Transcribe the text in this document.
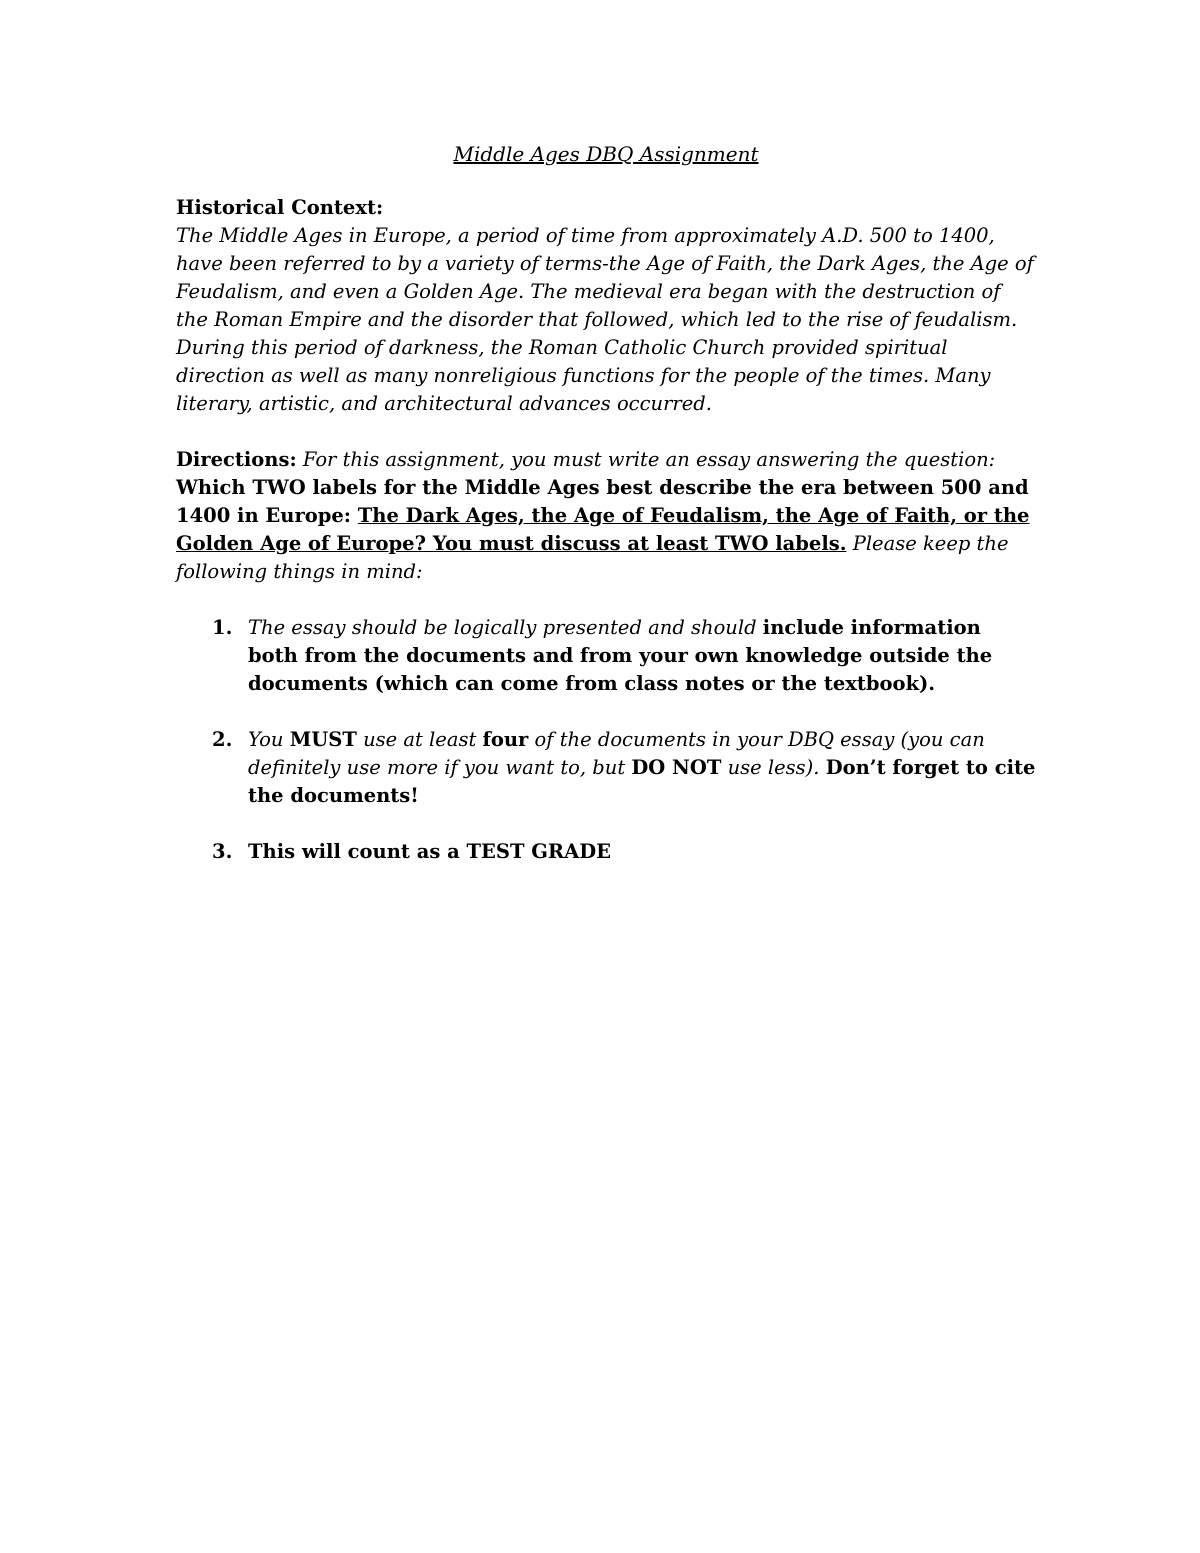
Middle Ages DBQ Assignment

Historical Context:

The Middle Ages in Europe, a period of time from approximately A.D. 500 to 1400, have been referred to by a variety of terms-the Age of Faith, the Dark Ages, the Age of Feudalism, and even a Golden Age. The medieval era began with the destruction of the Roman Empire and the disorder that followed, which led to the rise of feudalism. During this period of darkness, the Roman Catholic Church provided spiritual direction as well as many nonreligious functions for the people of the times. Many literary, artistic, and architectural advances occurred.

Directions: For this assignment, you must write an essay answering the question: Which TWO labels for the Middle Ages best describe the era between 500 and 1400 in Europe: The Dark Ages, the Age of Feudalism, the Age of Faith, or the Golden Age of Europe? You must discuss at least TWO labels. Please keep the following things in mind:

1. The essay should be logically presented and should include information both from the documents and from your own knowledge outside the documents (which can come from class notes or the textbook).
2. You MUST use at least four of the documents in your DBQ essay (you can definitely use more if you want to, but DO NOT use less). Don’t forget to cite the documents!
3. This will count as a TEST GRADE
